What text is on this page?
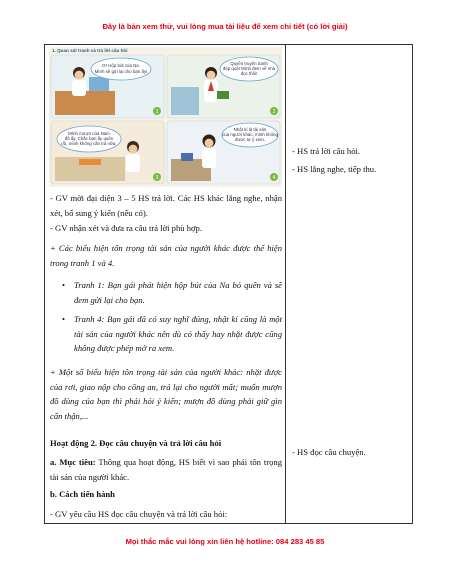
Đây là bản xem thử, vui lòng mua tài liệu để xem chi tiết (có lời giải)
1. Quan sát tranh và trả lời câu hỏi
Ơ! Hộp bút của Na.
Mình sẽ gửi lại cho bạn ấy!
1
Quyển truyện tranh
đẹp quá! Mình đem về nhà
đọc thôi!
2
Mình mượn của Nam
đồ ấy. Chắc bạn ấy quên
rồi, mình không cần trả nữa.
3
Nhật kí là tài sản
của người khác, mình không
được tự ý xem.
4
- GV mời đại diện 3 – 5 HS trả lời. Các HS khác lắng nghe, nhận xét, bổ sung ý kiến (nếu có).
- GV nhận xét và đưa ra câu trả lời phù hợp.
+ Các biểu hiện tôn trọng tài sản của người khác được thể hiện trong tranh 1 và 4.
• Tranh 1: Bạn gái phát hiện hộp bút của Na bỏ quên và sẽ đem gửi lại cho bạn.
• Tranh 4: Bạn gái đã có suy nghĩ đúng, nhật kí cũng là một tài sản của người khác nên dù có thấy hay nhặt được cũng không được phép mở ra xem.
+ Một số biểu hiện tôn trọng tài sản của người khác: nhặt được của rơi, giao nộp cho công an, trả lại cho người mất; muốn mượn đồ dùng của bạn thì phải hỏi ý kiến; mượn đồ dùng phải giữ gìn cẩn thận,...
Hoạt động 2. Đọc câu chuyện và trả lời câu hỏi
a. Mục tiêu: Thông qua hoạt động, HS biết vì sao phải tôn trọng tài sản của người khác.
b. Cách tiến hành
- GV yêu cầu HS đọc câu chuyện và trả lời câu hỏi:
- HS trả lời câu hỏi.
- HS lắng nghe, tiếp thu.
- HS đọc câu chuyện.
Mọi thắc mắc vui lòng xin liên hệ hotline: 084 283 45 85
